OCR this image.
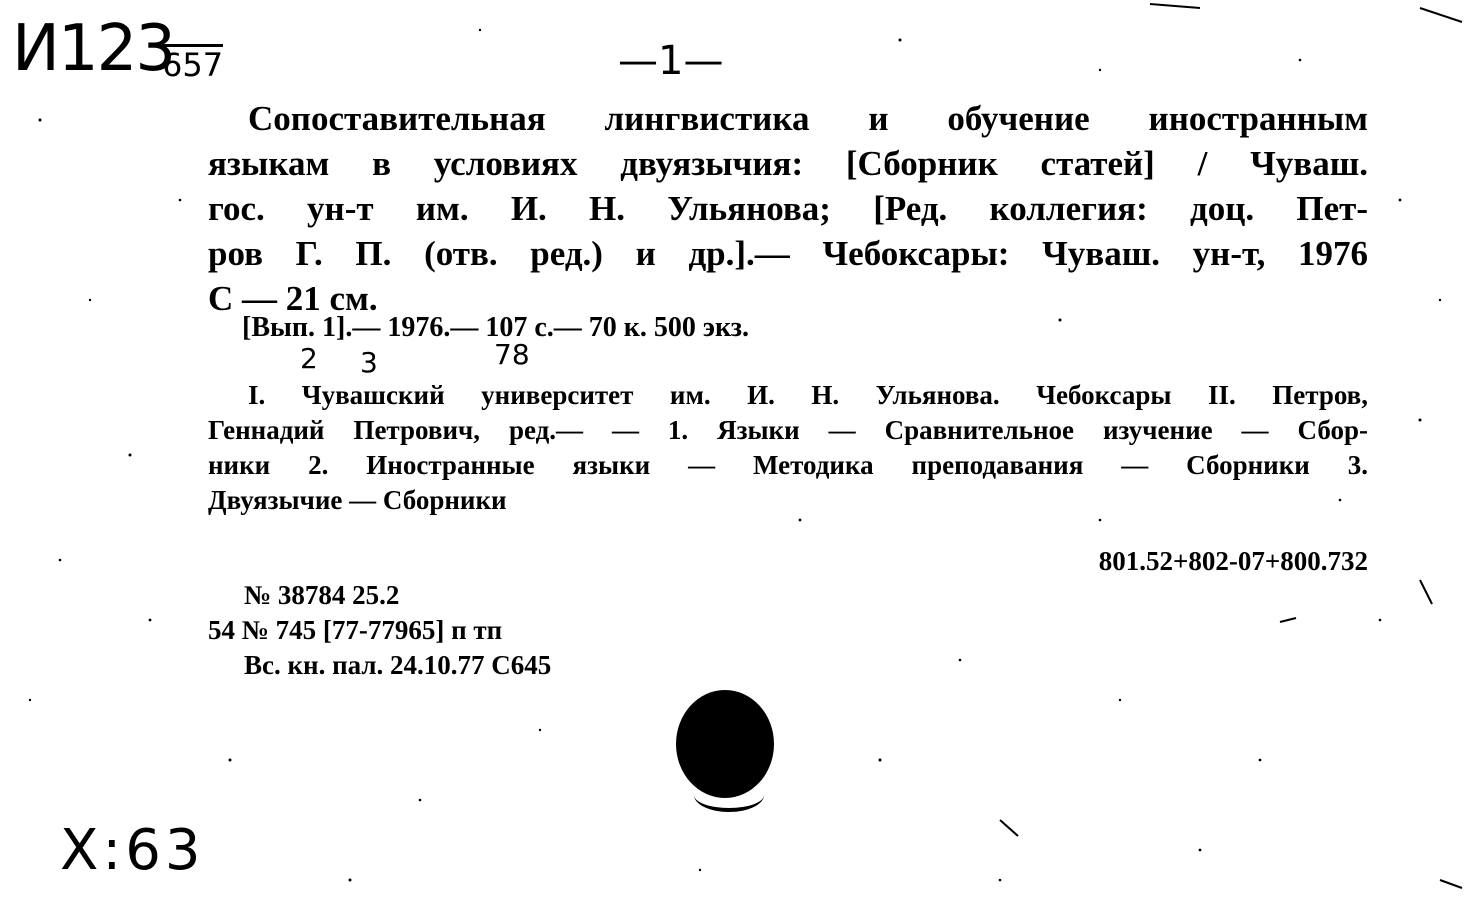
И123
657	—1—
Сопоставительная лингвистика и обучение иностранным
языкам в условиях двуязычия: [Сборник статей] / Чуваш.
гос. ун-т им. И. Н. Ульянова; [Ред. коллегия: доц. Пет-
ров Г. П. (отв. ред.) и др.].— Чебоксары: Чуваш. ун-т, 1976
С — 21 см.
[Вып. 1].— 1976.— 107 с.— 70 к. 500 экз.
2 3	78
I. Чувашский университет им. И. Н. Ульянова. Чебоксары II. Петров,
Геннадий Петрович, ред.— — 1. Языки — Сравнительное изучение — Сбор-
ники 2. Иностранные языки — Методика преподавания — Сборники 3.
Двуязычие — Сборники
801.52+802-07+800.732
№ 38784 25.2
54 № 745 [77-77965] п тп
Вс. кн. пал. 24.10.77 С645
Х:63
